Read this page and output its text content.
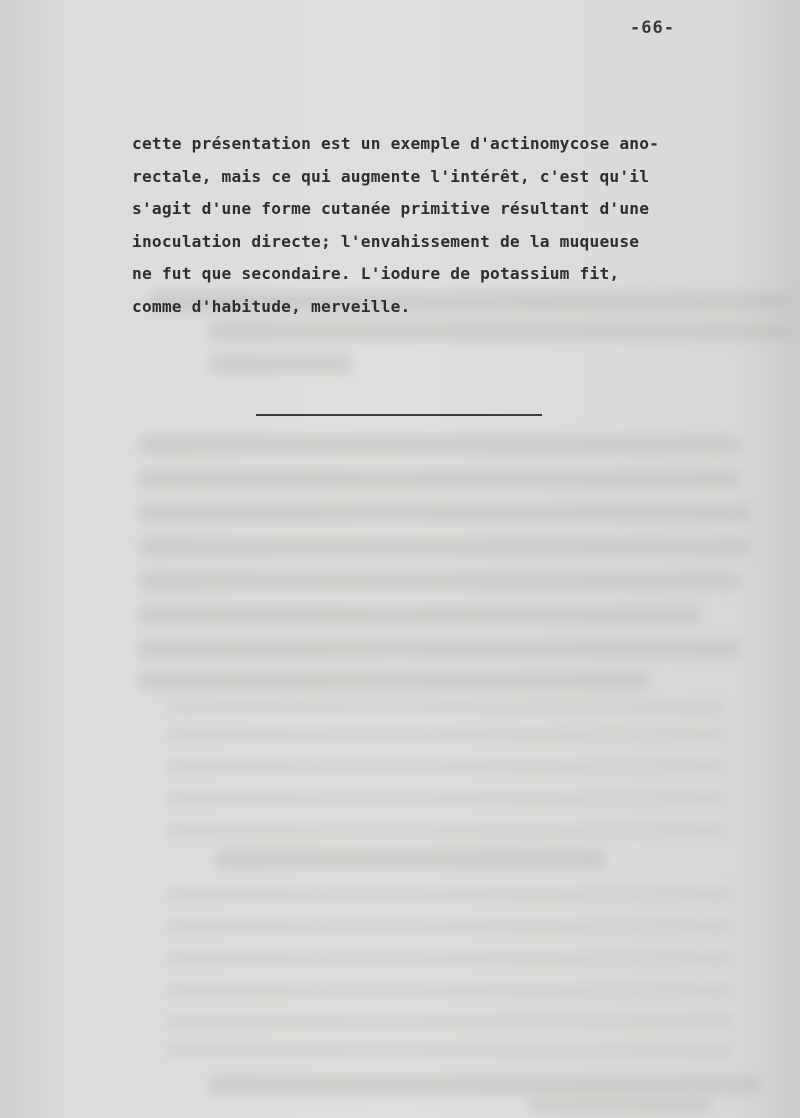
-66-
cette présentation est un exemple d'actinomycose ano-
rectale, mais ce qui augmente l'intérêt, c'est qu'il
s'agit d'une forme cutanée primitive résultant d'une
inoculation directe; l'envahissement de la muqueuse
ne fut que secondaire. L'iodure de potassium fit,
comme d'habitude, merveille.
